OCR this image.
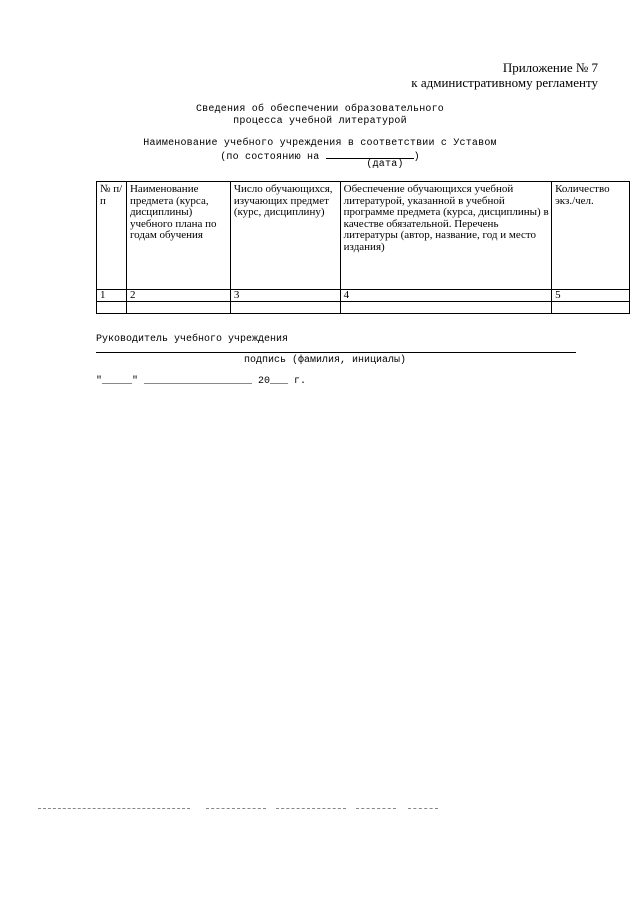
Приложение № 7
к административному регламенту
Сведения об обеспечении образовательного
процесса учебной литературой
Наименование учебного учреждения в соответствии с Уставом
(по состоянию на	)
(дата)
№ п/п	Наименование предмета (курса, дисциплины) учебного плана по годам обучения	Число обучающихся, изучающих предмет (курс, дисциплину)	Обеспечение обучающихся учебной литературой, указанной в учебной программе предмета (курса, дисциплины) в качестве обязательной. Перечень литературы (автор, название, год и место издания)	Количество экз./чел.
1	2	3	4	5

Руководитель учебного учреждения
подпись (фамилия, инициалы)
"_____" __________________ 20___ г.
